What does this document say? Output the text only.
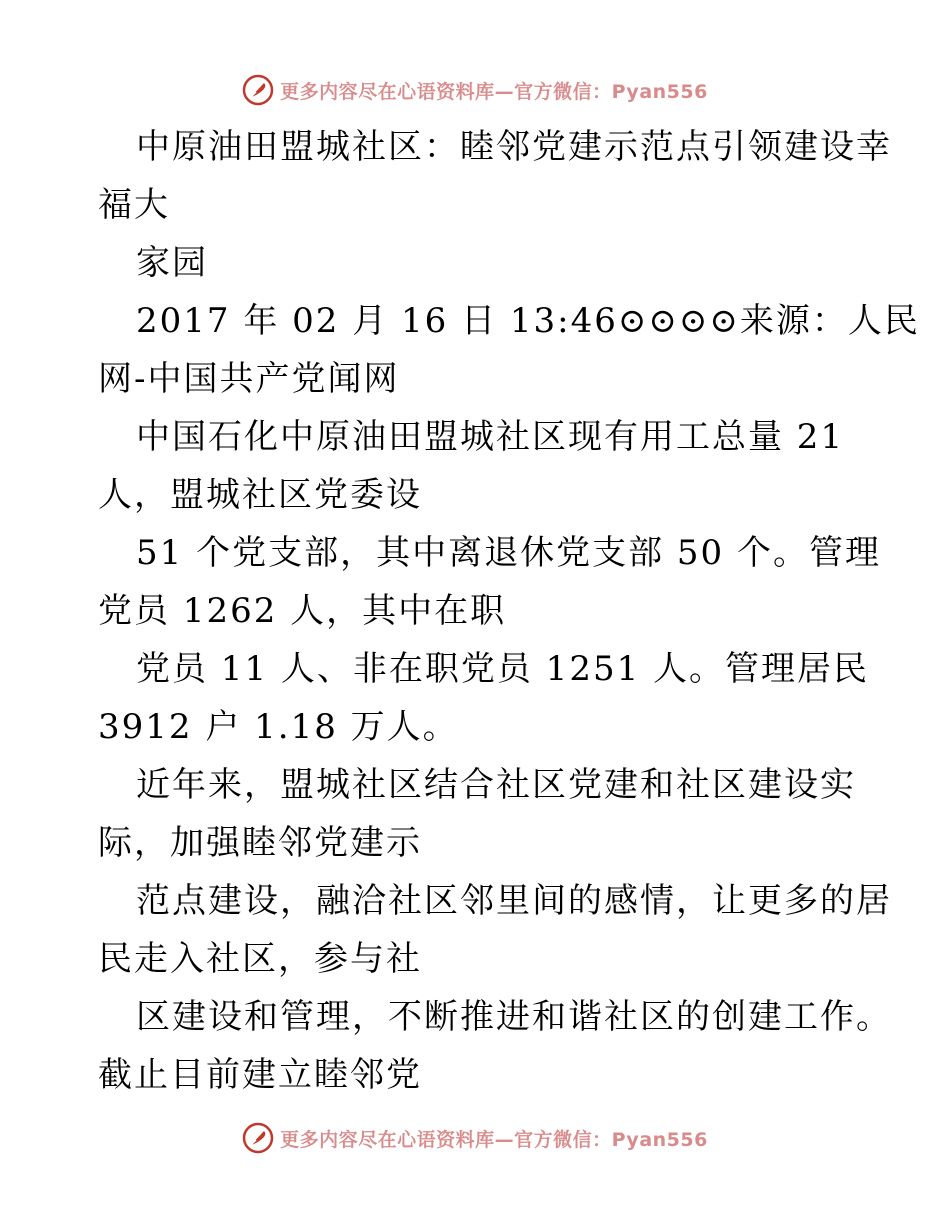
更多内容尽在心语资料库—官方微信：Pyan556
中原油田盟城社区：睦邻党建示范点引领建设幸
福大
家园
2017 年 02 月 16 日 13:46⊙⊙⊙⊙来源：人民
网-中国共产党闻网
中国石化中原油田盟城社区现有用工总量 21
人，盟城社区党委设
51 个党支部，其中离退休党支部 50 个。管理
党员 1262 人，其中在职
党员 11 人、非在职党员 1251 人。管理居民
3912 户 1.18 万人。
近年来，盟城社区结合社区党建和社区建设实
际，加强睦邻党建示
范点建设，融洽社区邻里间的感情，让更多的居
民走入社区，参与社
区建设和管理，不断推进和谐社区的创建工作。
截止目前建立睦邻党
更多内容尽在心语资料库—官方微信：Pyan556
